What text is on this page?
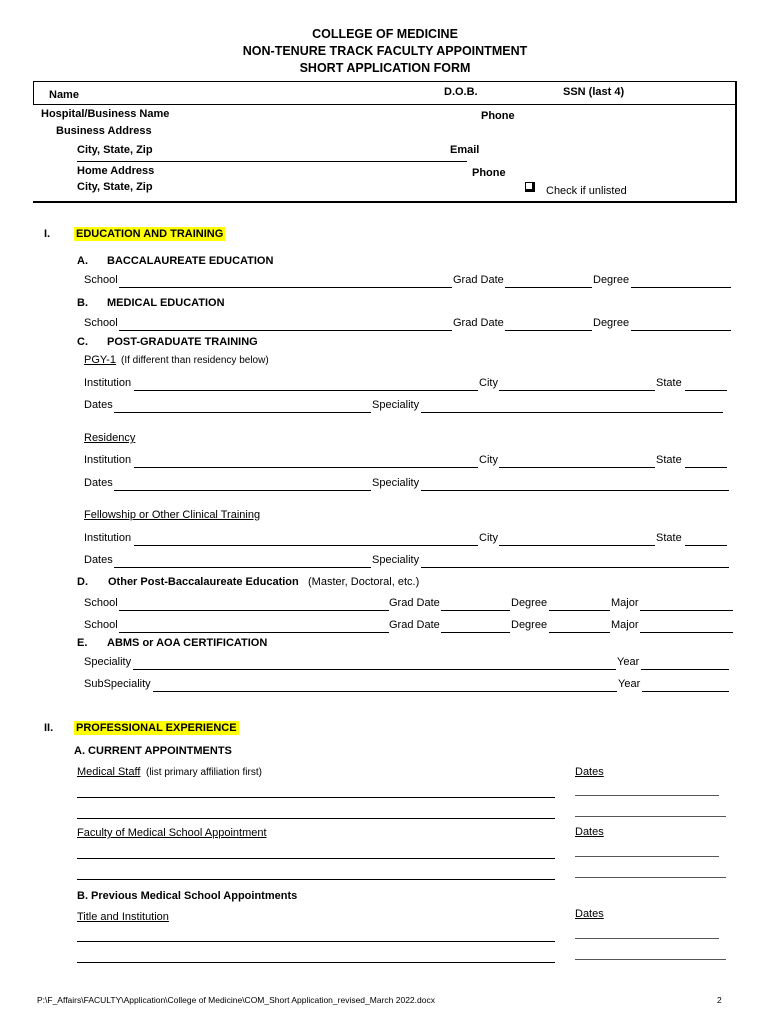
COLLEGE OF MEDICINE
NON-TENURE TRACK FACULTY APPOINTMENT
SHORT APPLICATION FORM
Name	D.O.B.	SSN (last 4)
Hospital/Business Name	Phone
Business Address
City, State, Zip	Email
Home Address	Phone
City, State, Zip	Check if unlisted
I. EDUCATION AND TRAINING
A. BACCALAUREATE EDUCATION
School	Grad Date	Degree
B. MEDICAL EDUCATION
School	Grad Date	Degree
C. POST-GRADUATE TRAINING
PGY-1 (If different than residency below)
Institution	City	State
Dates	Speciality
Residency
Institution	City	State
Dates	Speciality
Fellowship or Other Clinical Training
Institution	City	State
Dates	Speciality
D. Other Post-Baccalaureate Education (Master, Doctoral, etc.)
School	Grad Date	Degree	Major
School	Grad Date	Degree	Major
E. ABMS or AOA CERTIFICATION
Speciality	Year
SubSpeciality	Year
II. PROFESSIONAL EXPERIENCE
A. CURRENT APPOINTMENTS
Medical Staff (list primary affiliation first)	Dates
Faculty of Medical School Appointment	Dates
B. Previous Medical School Appointments
Title and Institution	Dates
P:\F_Affairs\FACULTY\Application\College of Medicine\COM_Short Application_revised_March 2022.docx	2
